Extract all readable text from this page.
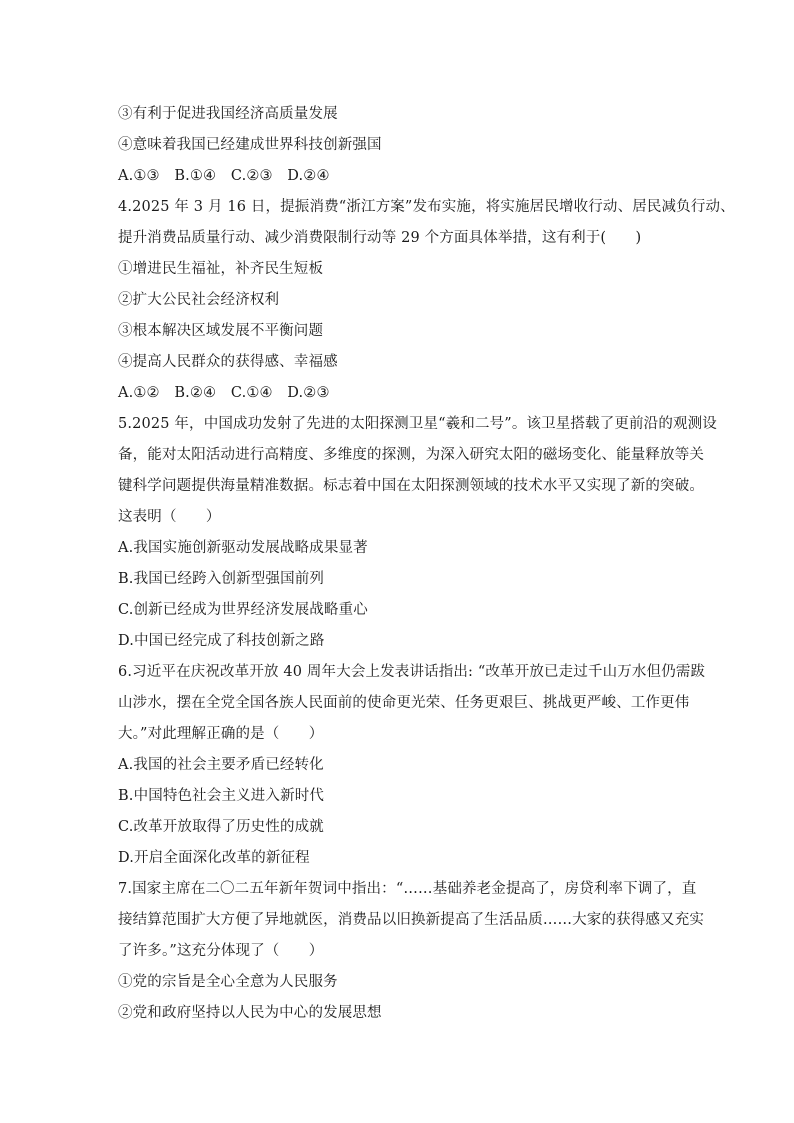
③有利于促进我国经济高质量发展
④意味着我国已经建成世界科技创新强国
A.①③　B.①④　C.②③　D.②④
4.2025 年 3 月 16 日，提振消费“浙江方案”发布实施，将实施居民增收行动、居民减负行动、
提升消费品质量行动、减少消费限制行动等 29 个方面具体举措，这有利于(　　)
①增进民生福祉，补齐民生短板
②扩大公民社会经济权利
③根本解决区域发展不平衡问题
④提高人民群众的获得感、幸福感
A.①②　B.②④　C.①④　D.②③
5.2025 年，中国成功发射了先进的太阳探测卫星“羲和二号”。该卫星搭载了更前沿的观测设
备，能对太阳活动进行高精度、多维度的探测，为深入研究太阳的磁场变化、能量释放等关
键科学问题提供海量精准数据。标志着中国在太阳探测领域的技术水平又实现了新的突破。
这表明（　　）
A.我国实施创新驱动发展战略成果显著
B.我国已经跨入创新型强国前列
C.创新已经成为世界经济发展战略重心
D.中国已经完成了科技创新之路
6.习近平在庆祝改革开放 40 周年大会上发表讲话指出: “改革开放已走过千山万水但仍需跋
山涉水，摆在全党全国各族人民面前的使命更光荣、任务更艰巨、挑战更严峻、工作更伟
大。”对此理解正确的是（　　）
A.我国的社会主要矛盾已经转化
B.中国特色社会主义进入新时代
C.改革开放取得了历史性的成就
D.开启全面深化改革的新征程
7.国家主席在二〇二五年新年贺词中指出：“……基础养老金提高了，房贷利率下调了，直
接结算范围扩大方便了异地就医，消费品以旧换新提高了生活品质……大家的获得感又充实
了许多。”这充分体现了（　　）
①党的宗旨是全心全意为人民服务
②党和政府坚持以人民为中心的发展思想
